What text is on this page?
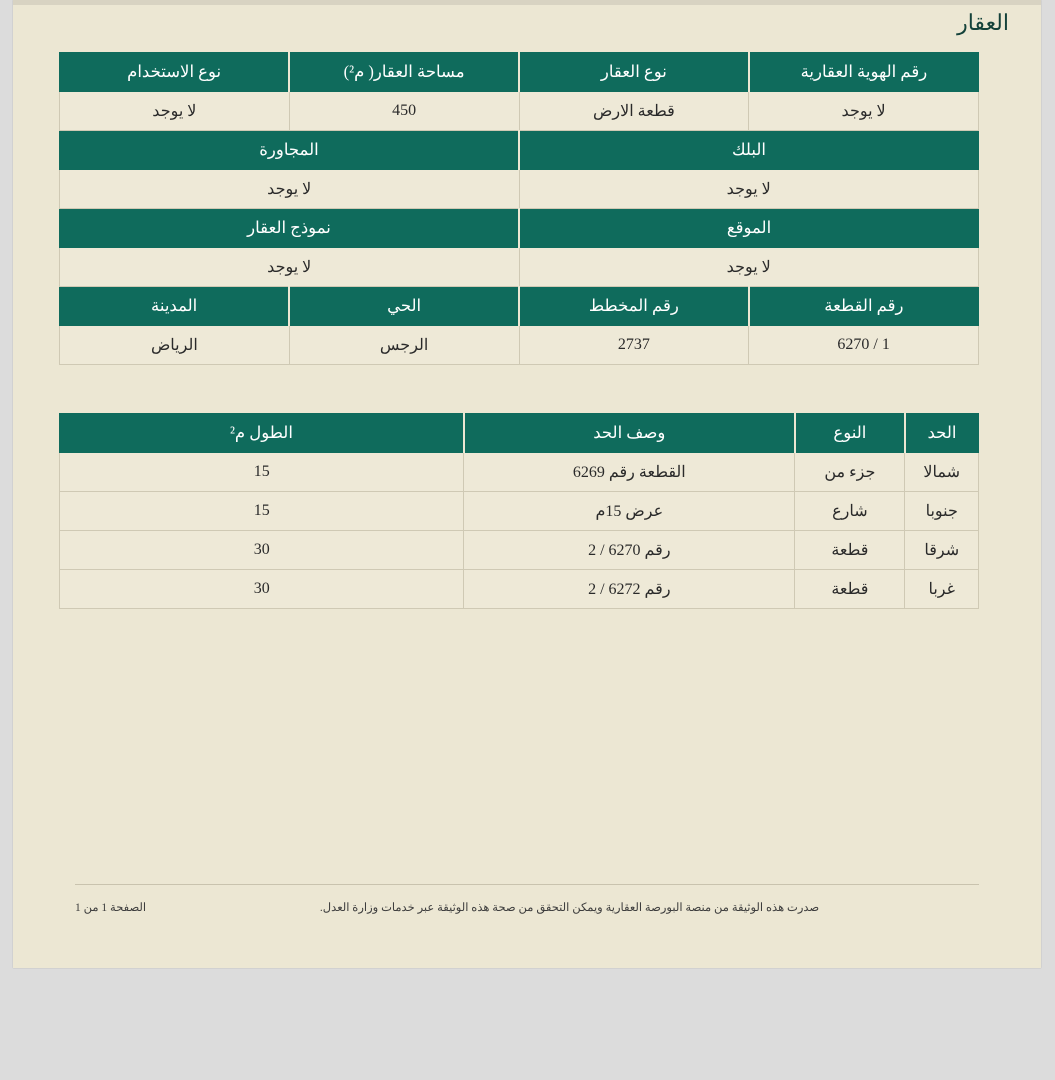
العقار
رقم الهوية العقارية	نوع العقار	مساحة العقار( م²)	نوع الاستخدام
لا يوجد	قطعة الارض	450	لا يوجد
البلك		المجاورة	
لا يوجد		لا يوجد	
الموقع		نموذج العقار	
لا يوجد		لا يوجد	
رقم القطعة	رقم المخطط	الحي	المدينة
1 / 6270	2737	الرجس	الرياض
الحد	النوع	وصف الحد	الطول م²
شمالا	جزء من	القطعة رقم 6269	15
جنوبا	شارع	عرض 15م	15
شرقا	قطعة	رقم 6270 / 2	30
غربا	قطعة	رقم 6272 / 2	30
صدرت هذه الوثيقة من منصة البورصة العقارية ويمكن التحقق من صحة هذه الوثيقة عبر خدمات وزارة العدل.
الصفحة 1 من 1
